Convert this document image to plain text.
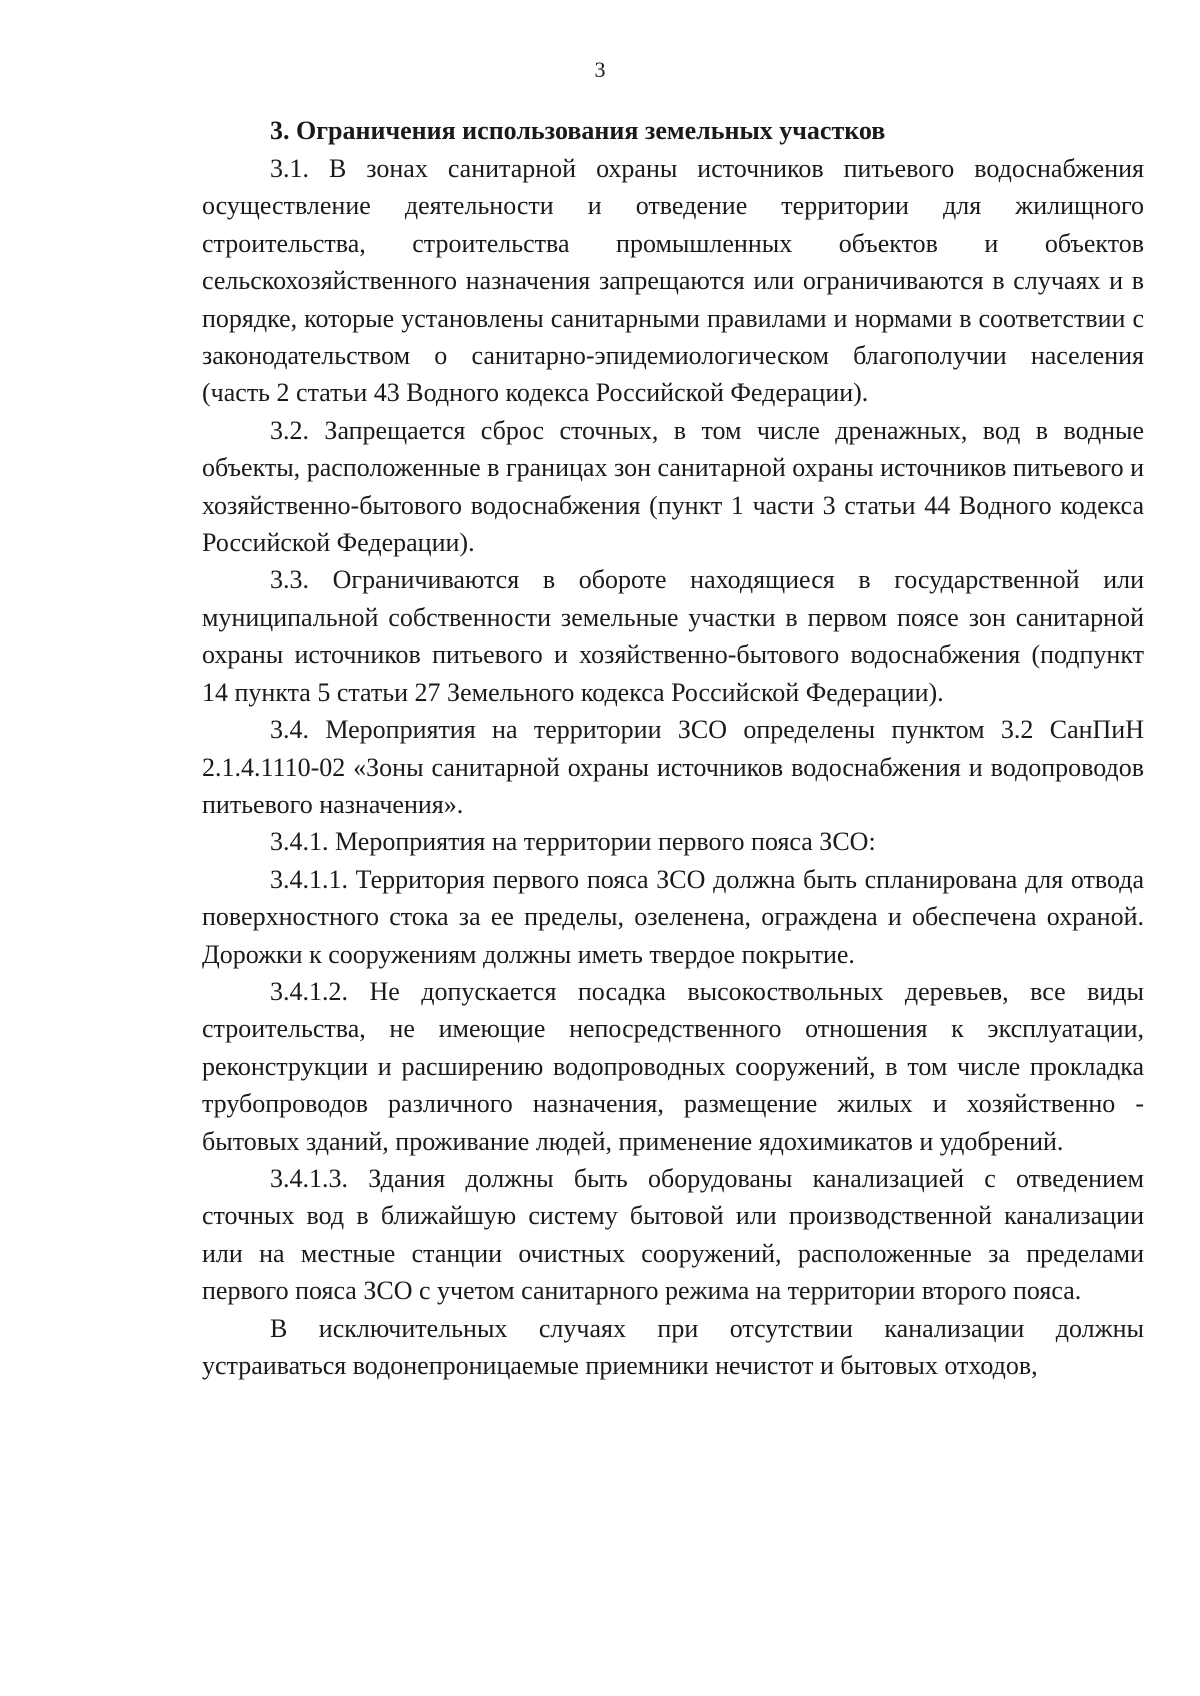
3
3. Ограничения использования земельных участков

3.1. В зонах санитарной охраны источников питьевого водоснабжения осуществление деятельности и отведение территории для жилищного строительства, строительства промышленных объектов и объектов сельскохозяйственного назначения запрещаются или ограничиваются в случаях и в порядке, которые установлены санитарными правилами и нормами в соответствии с законодательством о санитарно-эпидемиологическом благополучии населения (часть 2 статьи 43 Водного кодекса Российской Федерации).

3.2. Запрещается сброс сточных, в том числе дренажных, вод в водные объекты, расположенные в границах зон санитарной охраны источников питьевого и хозяйственно-бытового водоснабжения (пункт 1 части 3 статьи 44 Водного кодекса Российской Федерации).

3.3. Ограничиваются в обороте находящиеся в государственной или муниципальной собственности земельные участки в первом поясе зон санитарной охраны источников питьевого и хозяйственно-бытового водоснабжения (подпункт 14 пункта 5 статьи 27 Земельного кодекса Российской Федерации).

3.4. Мероприятия на территории ЗСО определены пунктом 3.2 СанПиН 2.1.4.1110-02 «Зоны санитарной охраны источников водоснабжения и водопроводов питьевого назначения».

3.4.1. Мероприятия на территории первого пояса ЗСО:

3.4.1.1. Территория первого пояса ЗСО должна быть спланирована для отвода поверхностного стока за ее пределы, озеленена, ограждена и обеспечена охраной. Дорожки к сооружениям должны иметь твердое покрытие.

3.4.1.2. Не допускается посадка высокоствольных деревьев, все виды строительства, не имеющие непосредственного отношения к эксплуатации, реконструкции и расширению водопроводных сооружений, в том числе прокладка трубопроводов различного назначения, размещение жилых и хозяйственно - бытовых зданий, проживание людей, применение ядохимикатов и удобрений.

3.4.1.3. Здания должны быть оборудованы канализацией с отведением сточных вод в ближайшую систему бытовой или производственной канализации или на местные станции очистных сооружений, расположенные за пределами первого пояса ЗСО с учетом санитарного режима на территории второго пояса.

В исключительных случаях при отсутствии канализации должны устраиваться водонепроницаемые приемники нечистот и бытовых отходов,
